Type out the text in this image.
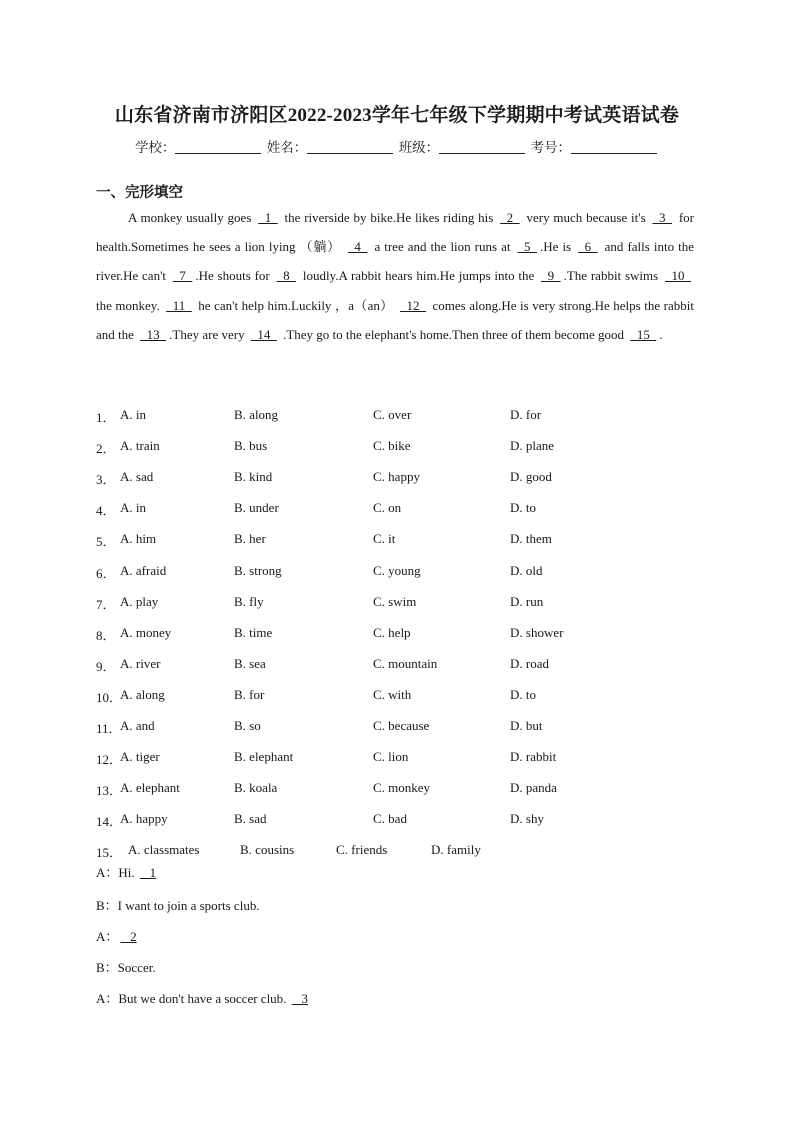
山东省济南市济阳区2022-2023学年七年级下学期期中考试英语试卷
学校：	姓名：	班级：	考号：
一、完形填空
A monkey usually goes   1   the riverside by bike.He likes riding his   2   very much because it's   3   for health.Sometimes he sees a lion lying （躺）   4   a tree and the lion runs at   5  .He is   6   and falls into the river.He can't   7  .He shouts for   8   loudly.A rabbit hears him.He jumps into the   9  .The rabbit swims   10   the monkey.   11   he can't help him.Luckily ，a（an）   12   comes along.He is very strong.He helps the rabbit and the   13  .They are very   14   .They go to the elephant's home.Then three of them become good   15  .
1． A. in	B. along	C. over	D. for
2． A. train	B. bus	C. bike	D. plane
3． A. sad	B. kind	C. happy	D. good
4． A. in	B. under	C. on	D. to
5． A. him	B. her	C. it	D. them
6． A. afraid	B. strong	C. young	D. old
7． A. play	B. fly	C. swim	D. run
8． A. money	B. time	C. help	D. shower
9． A. river	B. sea	C. mountain	D. road
10．
A. along	B. for	C. with	D. to
11．
A. and	B. so	C. because	D. but
12．
A. tiger	B. elephant	C. lion	D. rabbit
13．
A. elephant	B. koala	C. monkey	D. panda
14．
A. happy	B. sad	C. bad	D. shy
15． A. classmates	B. cousins	C. friends	D. family
A：Hi.    1
B：I want to join a sports club.
A：   2
B：Soccer.
A：But we don't have a soccer club.    3
